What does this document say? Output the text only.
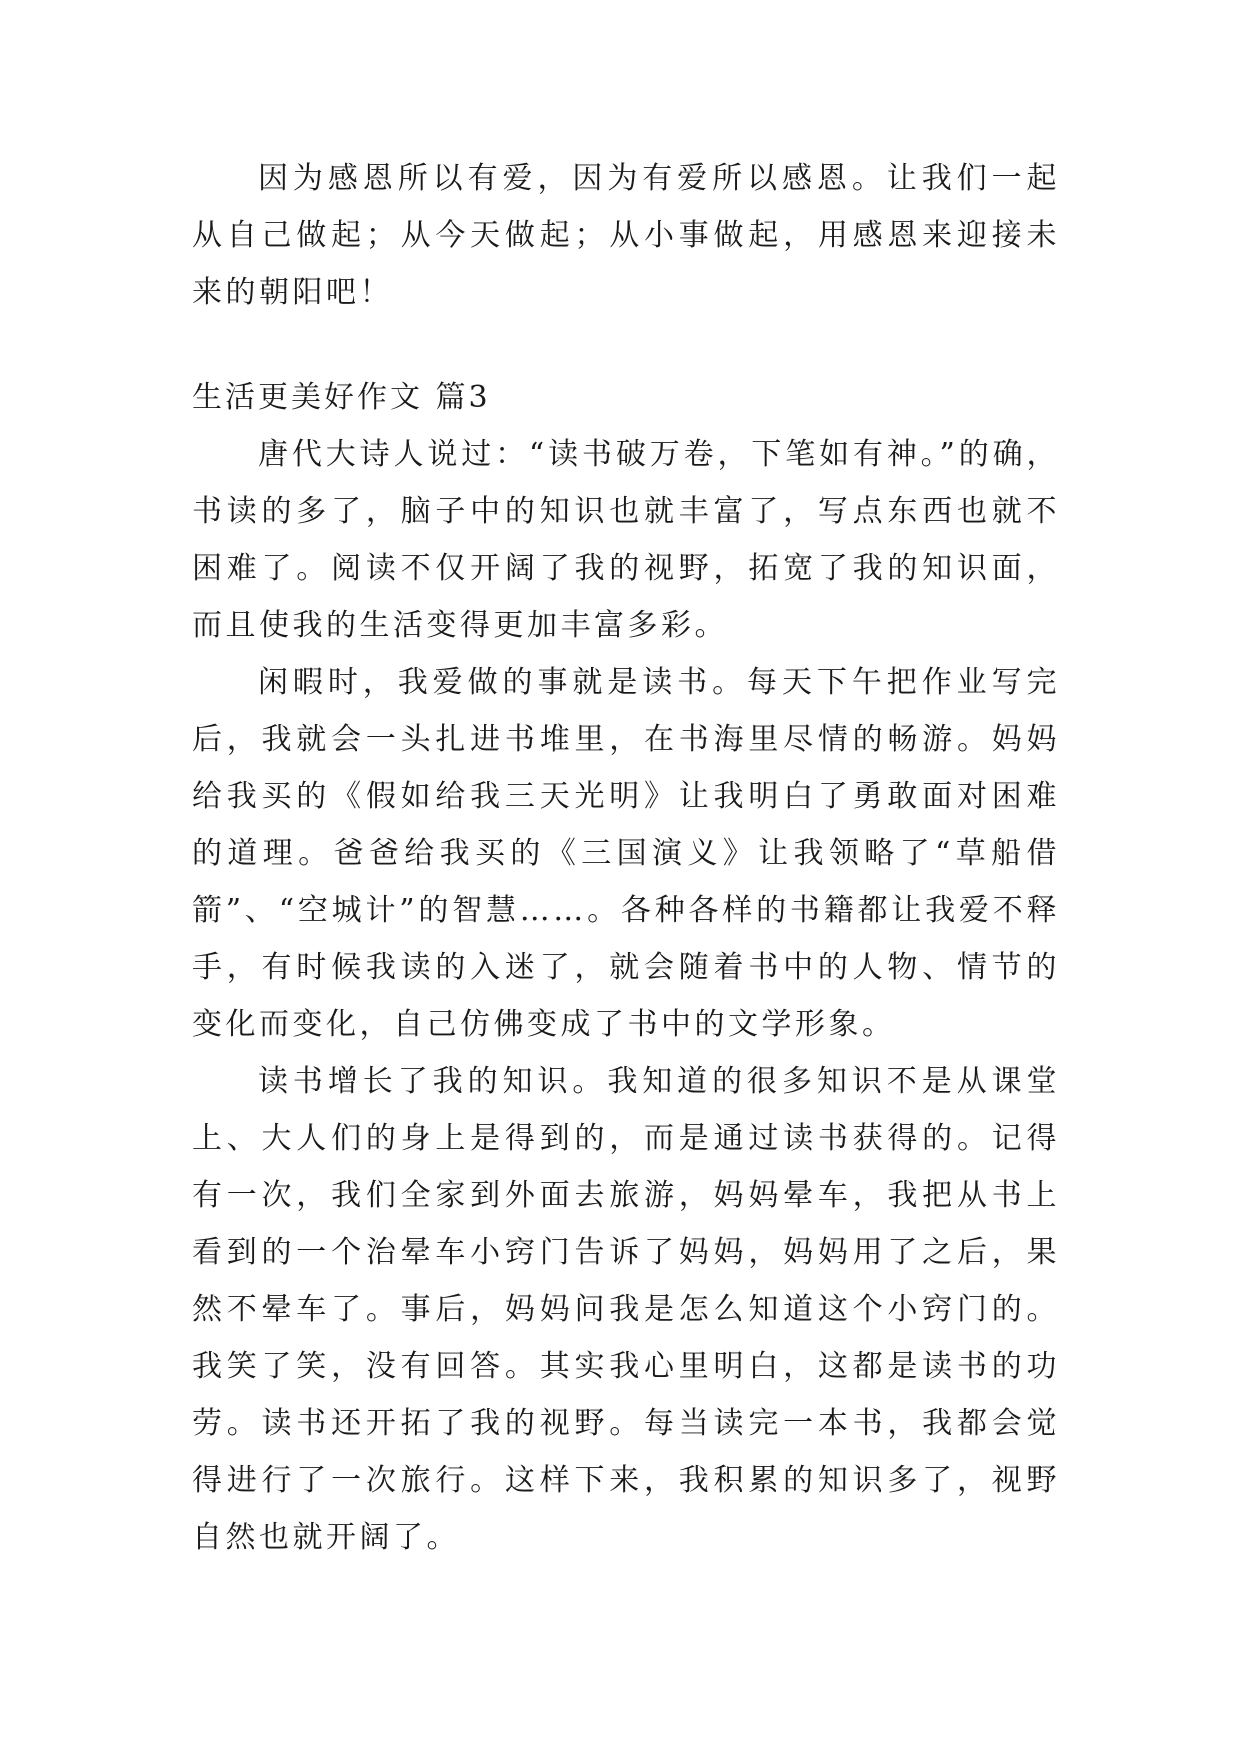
因为感恩所以有爱，因为有爱所以感恩。让我们一起从自己做起；从今天做起；从小事做起，用感恩来迎接未来的朝阳吧！

生活更美好作文 篇3

唐代大诗人说过：“读书破万卷，下笔如有神。”的确，书读的多了，脑子中的知识也就丰富了，写点东西也就不困难了。阅读不仅开阔了我的视野，拓宽了我的知识面，而且使我的生活变得更加丰富多彩。

闲暇时，我爱做的事就是读书。每天下午把作业写完后，我就会一头扎进书堆里，在书海里尽情的畅游。妈妈给我买的《假如给我三天光明》让我明白了勇敢面对困难的道理。爸爸给我买的《三国演义》让我领略了“草船借箭”、“空城计”的智慧……。各种各样的书籍都让我爱不释手，有时候我读的入迷了，就会随着书中的人物、情节的变化而变化，自己仿佛变成了书中的文学形象。

读书增长了我的知识。我知道的很多知识不是从课堂上、大人们的身上是得到的，而是通过读书获得的。记得有一次，我们全家到外面去旅游，妈妈晕车，我把从书上看到的一个治晕车小窍门告诉了妈妈，妈妈用了之后，果然不晕车了。事后，妈妈问我是怎么知道这个小窍门的。我笑了笑，没有回答。其实我心里明白，这都是读书的功劳。读书还开拓了我的视野。每当读完一本书，我都会觉得进行了一次旅行。这样下来，我积累的知识多了，视野自然也就开阔了。
